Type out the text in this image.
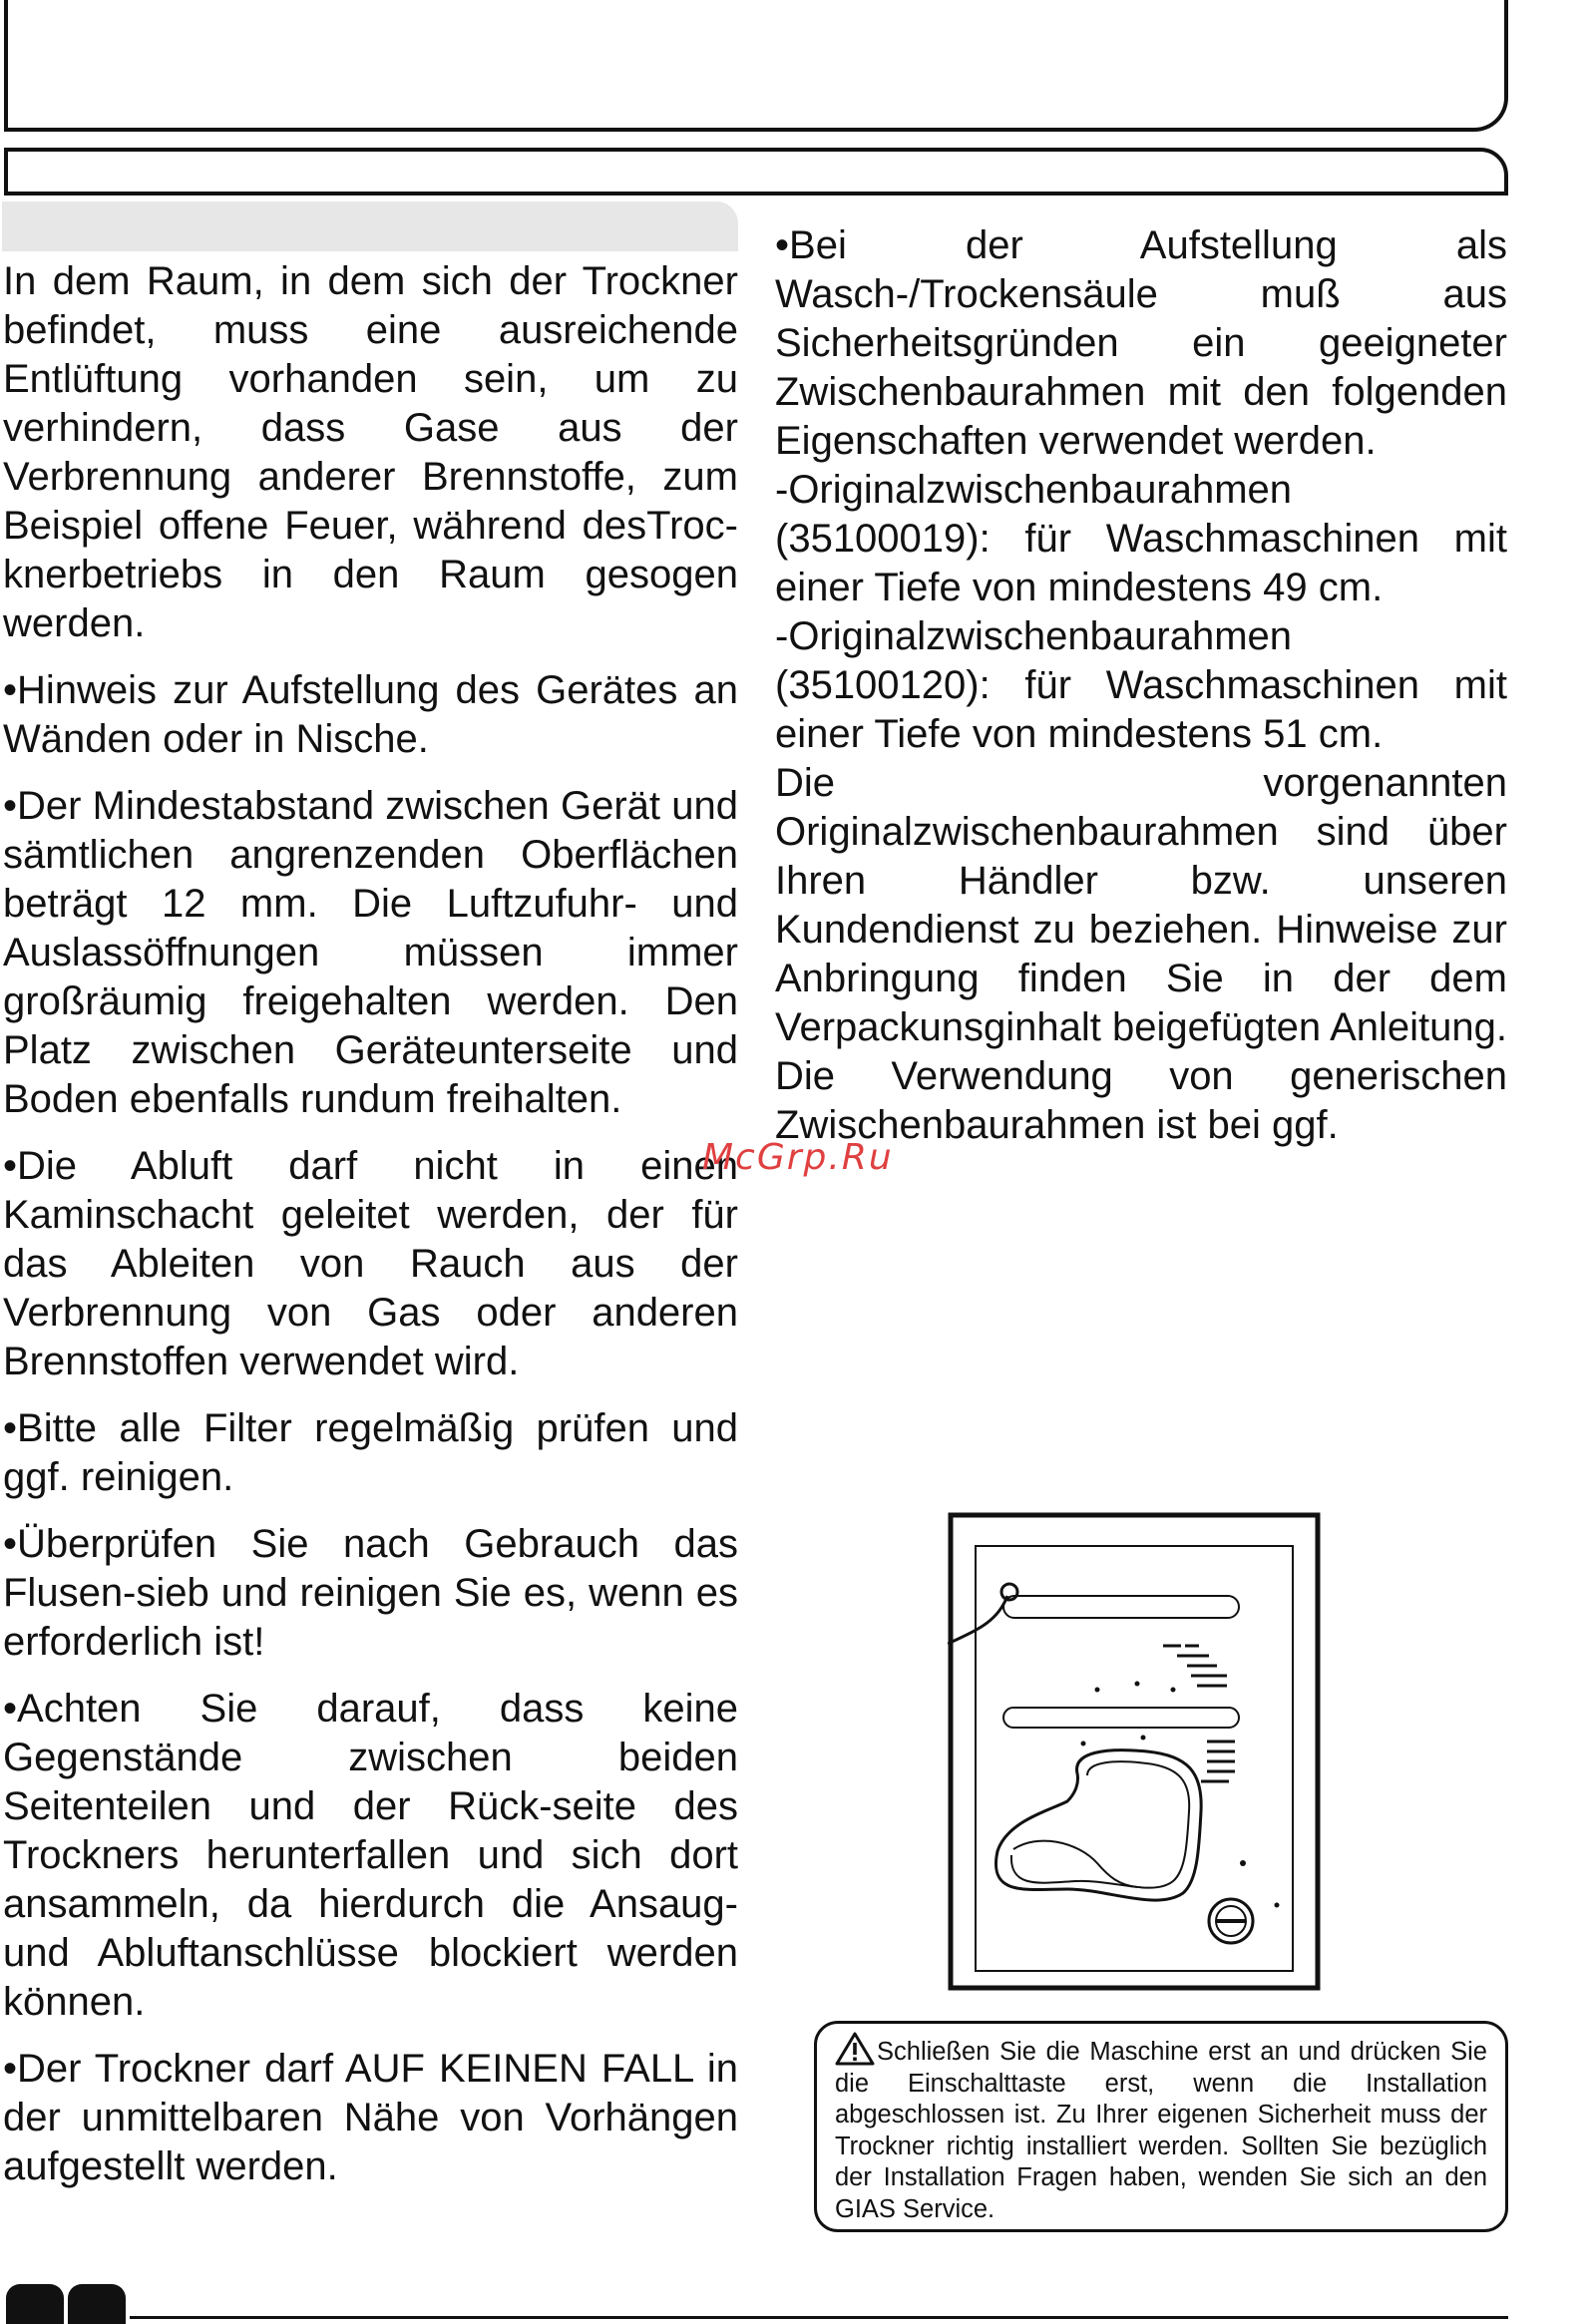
In dem Raum, in dem sich der Trockner befindet, muss eine ausreichende Entlüftung vorhanden sein, um zu verhindern, dass Gase aus der Verbrennung anderer Brennstoffe, zum Beispiel offene Feuer, während desTroc-knerbetriebs in den Raum gesogen werden.

• Hinweis zur Aufstellung des Gerätes an Wänden oder in Nische.

• Der Mindestabstand zwischen Gerät und sämtlichen angrenzenden Oberflächen beträgt 12 mm. Die Luftzufuhr- und Auslassöffnungen müssen immer großräumig freigehalten werden. Den Platz zwischen Geräteunterseite und Boden ebenfalls rundum freihalten.

• Die Abluft darf nicht in einen Kaminschacht geleitet werden, der für das Ableiten von Rauch aus der Verbrennung von Gas oder anderen Brennstoffen verwendet wird.

• Bitte alle Filter regelmäßig prüfen und ggf. reinigen.

• Überprüfen Sie nach Gebrauch das Flusen-sieb und reinigen Sie es, wenn es erforderlich ist!

• Achten Sie darauf, dass keine Gegenstände zwischen beiden Seitenteilen und der Rück-seite des Trockners herunterfallen und sich dort ansammeln, da hierdurch die Ansaug- und Abluftanschlüsse blockiert werden können.

• Der Trockner darf AUF KEINEN FALL in der unmittelbaren Nähe von Vorhängen aufgestellt werden.

• Bei der Aufstellung als Wasch-/Trockensäule muß aus Sicherheitsgründen ein geeigneter Zwischenbaurahmen mit den folgenden Eigenschaften verwendet werden.

-Originalzwischenbaurahmen (35100019): für Waschmaschinen mit einer Tiefe von mindestens 49 cm.

-Originalzwischenbaurahmen (35100120): für Waschmaschinen mit einer Tiefe von mindestens 51 cm.

Die vorgenannten Originalzwischenbaurahmen sind über Ihren Händler bzw. unseren Kundendienst zu beziehen. Hinweise zur Anbringung finden Sie in der dem Verpackunsginhalt beigefügten Anleitung. Die Verwendung von generischen Zwischenbaurahmen ist bei ggf.

McGrp.Ru
Schließen Sie die Maschine erst an und drücken Sie die Einschalttaste erst, wenn die Installation abgeschlossen ist. Zu Ihrer eigenen Sicherheit muss der Trockner richtig installiert werden. Sollten Sie bezüglich der Installation Fragen haben, wenden Sie sich an den GIAS Service.
